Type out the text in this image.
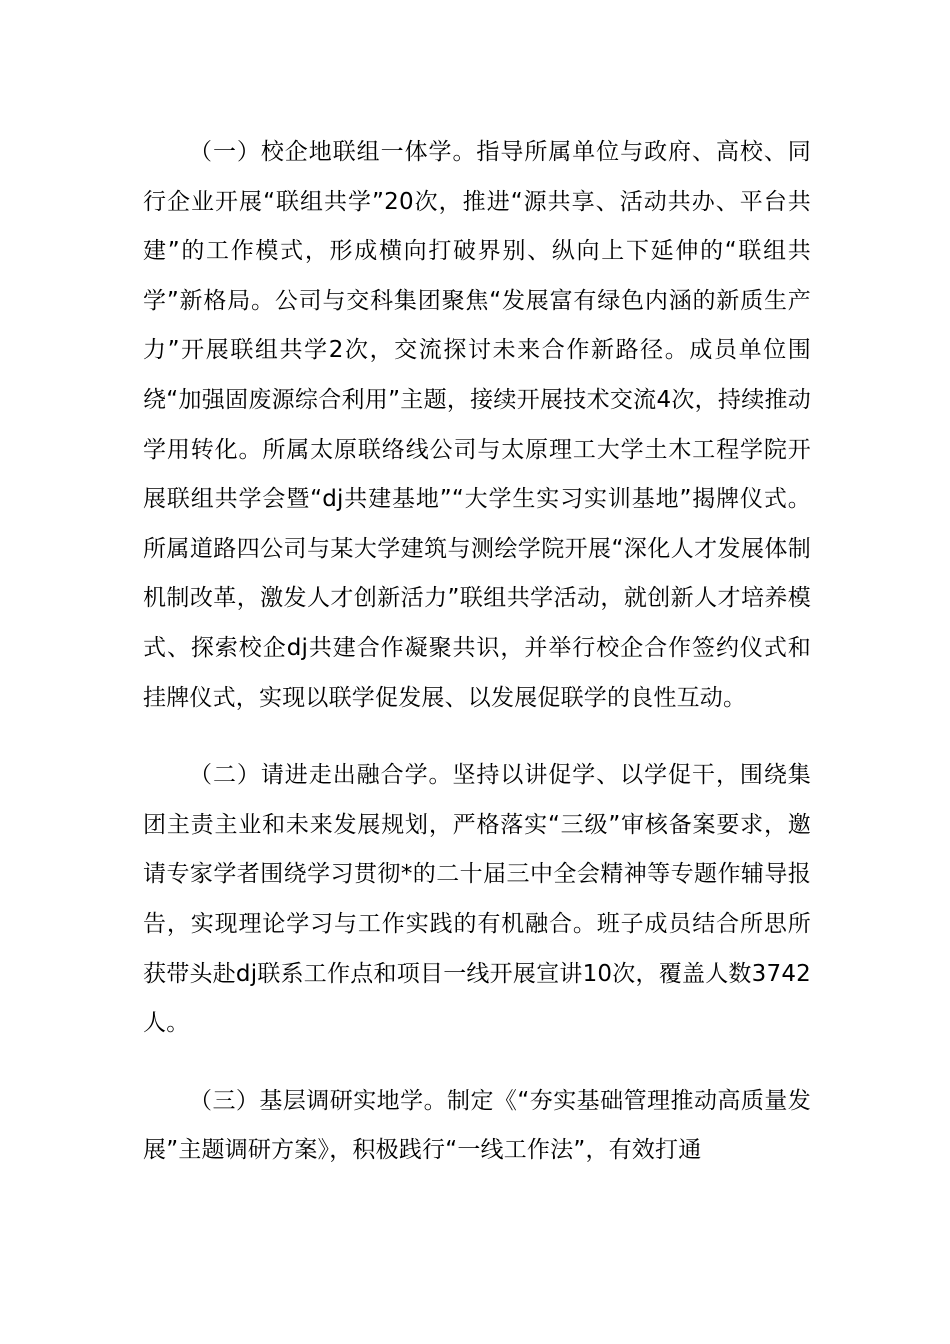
（一）校企地联组一体学。指导所属单位与政府、高校、同行企业开展“联组共学”20次，推进“源共享、活动共办、平台共建”的工作模式，形成横向打破界别、纵向上下延伸的“联组共学”新格局。公司与交科集团聚焦“发展富有绿色内涵的新质生产力”开展联组共学2次，交流探讨未来合作新路径。成员单位围绕“加强固废源综合利用”主题，接续开展技术交流4次，持续推动学用转化。所属太原联络线公司与太原理工大学土木工程学院开展联组共学会暨“dj共建基地”“大学生实习实训基地”揭牌仪式。所属道路四公司与某大学建筑与测绘学院开展“深化人才发展体制机制改革，激发人才创新活力”联组共学活动，就创新人才培养模式、探索校企dj共建合作凝聚共识，并举行校企合作签约仪式和挂牌仪式，实现以联学促发展、以发展促联学的良性互动。

（二）请进走出融合学。坚持以讲促学、以学促干，围绕集团主责主业和未来发展规划，严格落实“三级”审核备案要求，邀请专家学者围绕学习贯彻*的二十届三中全会精神等专题作辅导报告，实现理论学习与工作实践的有机融合。班子成员结合所思所获带头赴dj联系工作点和项目一线开展宣讲10次，覆盖人数3742人。

（三）基层调研实地学。制定《“夯实基础管理推动高质量发展”主题调研方案》，积极践行“一线工作法”，有效打通
